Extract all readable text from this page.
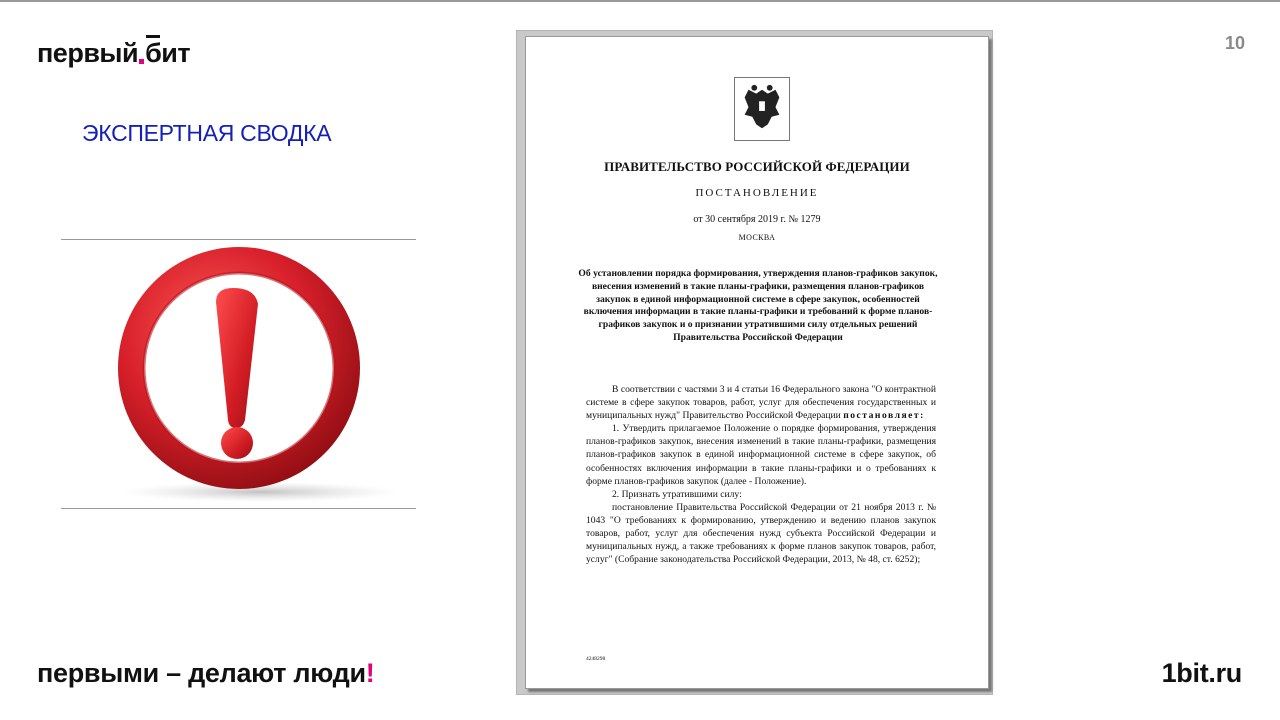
первый бит	10
ЭКСПЕРТНАЯ СВОДКА
ПРАВИТЕЛЬСТВО РОССИЙСКОЙ ФЕДЕРАЦИИ
ПОСТАНОВЛЕНИЕ
от 30 сентября 2019 г. № 1279
МОСКВА
Об установлении порядка формирования, утверждения планов-графиков закупок, внесения изменений в такие планы-графики, размещения планов-графиков закупок в единой информационной системе в сфере закупок, особенностей включения информации в такие планы-графики и требований к форме планов-графиков закупок и о признании утратившими силу отдельных решений Правительства Российской Федерации

В соответствии с частями 3 и 4 статьи 16 Федерального закона "О контрактной системе в сфере закупок товаров, работ, услуг для обеспечения государственных и муниципальных нужд" Правительство Российской Федерации постановляет:

1. Утвердить прилагаемое Положение о порядке формирования, утверждения планов-графиков закупок, внесения изменений в такие планы-графики, размещения планов-графиков закупок в единой информационной системе в сфере закупок, об особенностях включения информации в такие планы-графики и о требованиях к форме планов-графиков закупок (далее - Положение).

2. Признать утратившими силу:

постановление Правительства Российской Федерации от 21 ноября 2013 г. № 1043 "О требованиях к формированию, утверждению и ведению планов закупок товаров, работ, услуг для обеспечения нужд субъекта Российской Федерации и муниципальных нужд, а также требованиях к форме планов закупок товаров, работ, услуг" (Собрание законодательства Российской Федерации, 2013, № 48, ст. 6252);

4248298
первыми – делают люди!	1bit.ru
